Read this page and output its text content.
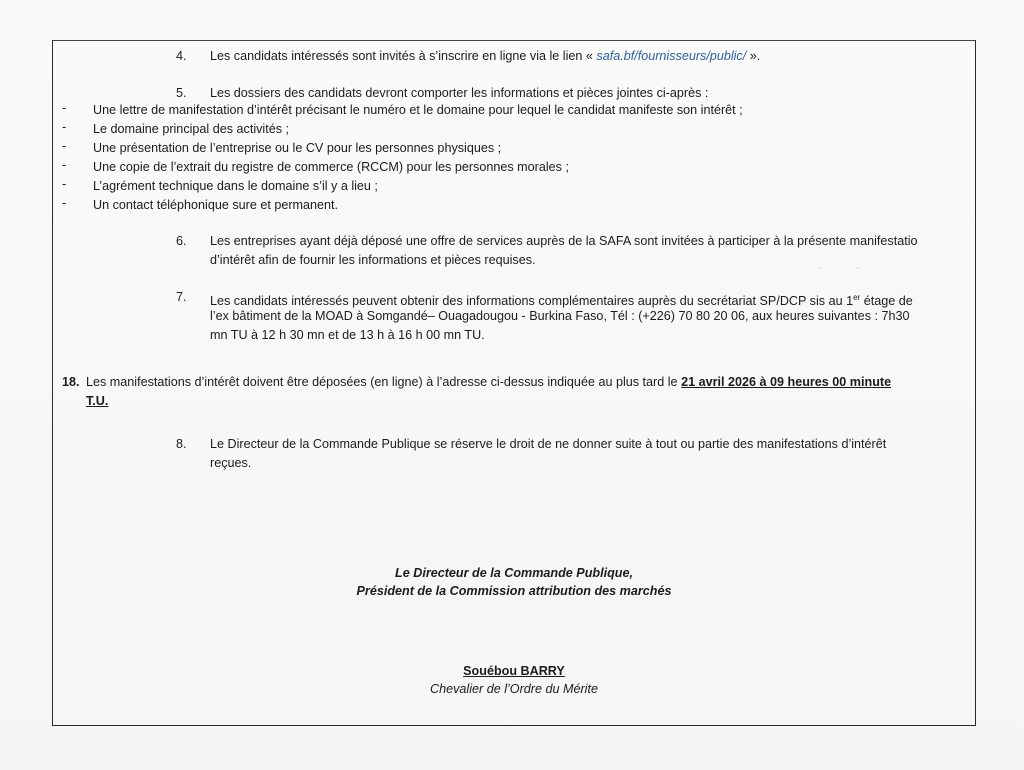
4. Les candidats intéressés sont invités à s’inscrire en ligne via le lien « safa.bf/fournisseurs/public/ ».
5. Les dossiers des candidats devront comporter les informations et pièces jointes ci-après :
- Une lettre de manifestation d’intérêt précisant le numéro et le domaine pour lequel le candidat manifeste son intérêt ;
- Le domaine principal des activités ;
- Une présentation de l’entreprise ou le CV pour les personnes physiques ;
- Une copie de l’extrait du registre de commerce (RCCM) pour les personnes morales ;
- L’agrément technique dans le domaine s’il y a lieu ;
- Un contact téléphonique sure et permanent.
6. Les entreprises ayant déjà déposé une offre de services auprès de la SAFA sont invitées à participer à la présente manifestatio
d’intérêt afin de fournir les informations et pièces requises.
·	·
7. Les candidats intéressés peuvent obtenir des informations complémentaires auprès du secrétariat SP/DCP sis au 1er étage de
l’ex bâtiment de la MOAD à Somgandé– Ouagadougou - Burkina Faso, Tél : (+226) 70 80 20 06, aux heures suivantes : 7h30
mn TU à 12 h 30 mn et de 13 h à 16 h 00 mn TU.
18. Les manifestations d’intérêt doivent être déposées (en ligne) à l’adresse ci-dessus indiquée au plus tard le 21 avril 2026 à 09 heures 00 minute
T.U.
8. Le Directeur de la Commande Publique se réserve le droit de ne donner suite à tout ou partie des manifestations d’intérêt
reçues.
Le Directeur de la Commande Publique,
Président de la Commission attribution des marchés
Souébou BARRY
Chevalier de l’Ordre du Mérite
